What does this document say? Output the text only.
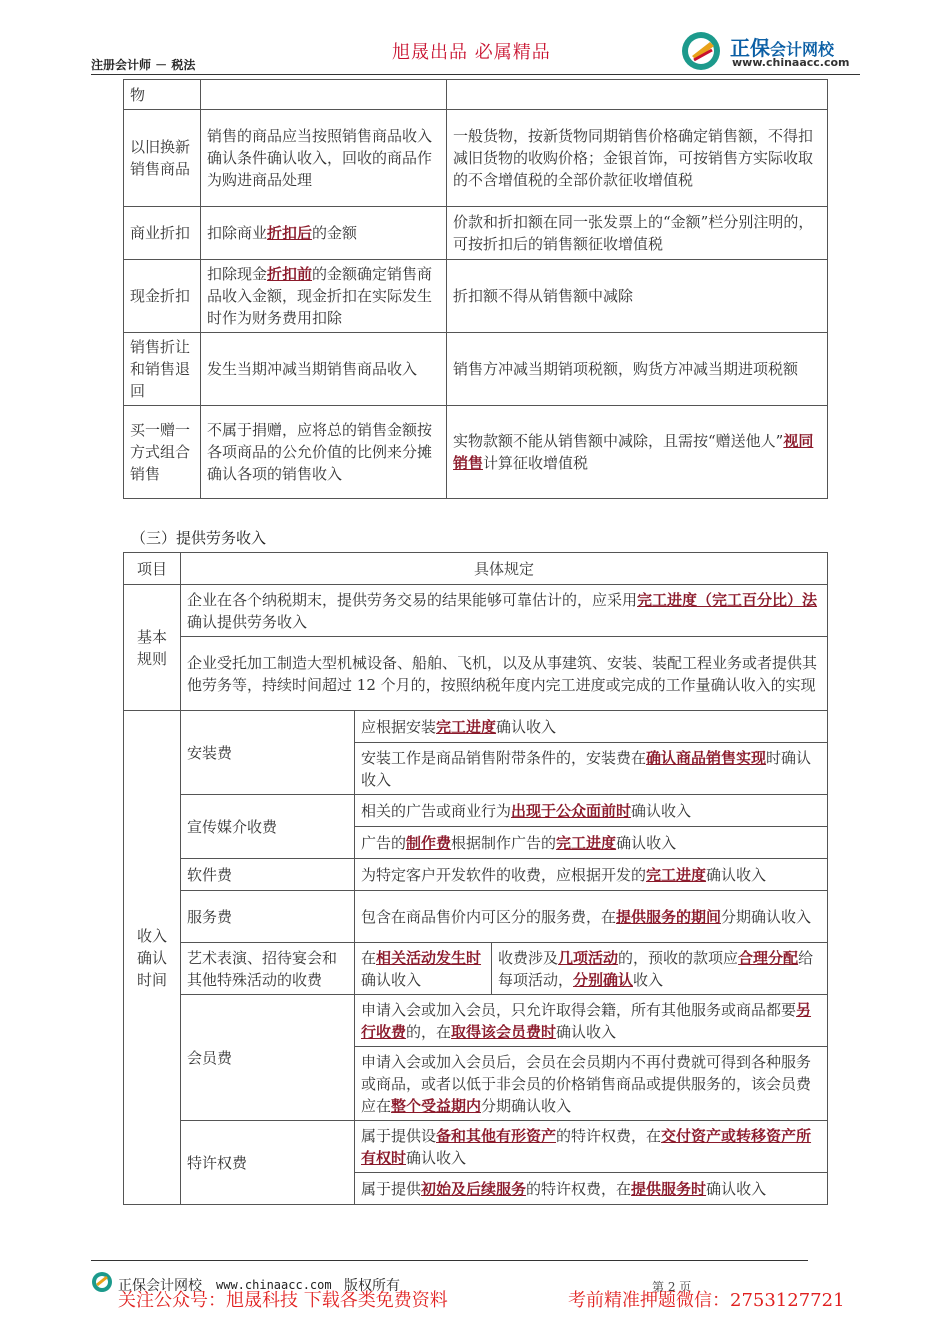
注册会计师 － 税法
旭晟出品 必属精品	正保会计网校
www.chinaacc.com
物		
以旧换新销售商品	销售的商品应当按照销售商品收入确认条件确认收入，回收的商品作为购进商品处理	一般货物，按新货物同期销售价格确定销售额，不得扣减旧货物的收购价格；金银首饰，可按销售方实际收取的不含增值税的全部价款征收增值税
商业折扣	扣除商业折扣后的金额	价款和折扣额在同一张发票上的“金额”栏分别注明的，可按折扣后的销售额征收增值税
现金折扣	扣除现金折扣前的金额确定销售商品收入金额，现金折扣在实际发生时作为财务费用扣除	折扣额不得从销售额中减除
销售折让和销售退回	发生当期冲减当期销售商品收入	销售方冲减当期销项税额，购货方冲减当期进项税额
买一赠一方式组合销售	不属于捐赠，应将总的销售金额按各项商品的公允价值的比例来分摊确认各项的销售收入	实物款额不能从销售额中减除，且需按“赠送他人”视同销售计算征收增值税
（三）提供劳务收入
项目	具体规定		
基本规则	企业在各个纳税期末，提供劳务交易的结果能够可靠估计的，应采用完工进度（完工百分比）法确认提供劳务收入		
	企业受托加工制造大型机械设备、船舶、飞机，以及从事建筑、安装、装配工程业务或者提供其他劳务等，持续时间超过 12 个月的，按照纳税年度内完工进度或完成的工作量确认收入的实现		
收入确认时间	安装费	应根据安装完工进度确认收入	
		安装工作是商品销售附带条件的，安装费在确认商品销售实现时确认收入	
	宣传媒介收费	相关的广告或商业行为出现于公众面前时确认收入	
		广告的制作费根据制作广告的完工进度确认收入	
	软件费	为特定客户开发软件的收费，应根据开发的完工进度确认收入	
	服务费	包含在商品售价内可区分的服务费，在提供服务的期间分期确认收入	
	艺术表演、招待宴会和其他特殊活动的收费	在相关活动发生时确认收入	收费涉及几项活动的，预收的款项应合理分配给每项活动，分别确认收入
	会员费	申请入会或加入会员，只允许取得会籍，所有其他服务或商品都要另行收费的，在取得该会员费时确认收入	
		申请入会或加入会员后，会员在会员期内不再付费就可得到各种服务或商品，或者以低于非会员的价格销售商品或提供服务的，该会员费应在整个受益期内分期确认收入	
	特许权费	属于提供设备和其他有形资产的特许权费，在交付资产或转移资产所有权时确认收入	
		属于提供初始及后续服务的特许权费，在提供服务时确认收入	
正保会计网校 www.chinaacc.com 版权所有	第 2 页
关注公众号：旭晟科技 下载各类免费资料	考前精准押题微信：2753127721
